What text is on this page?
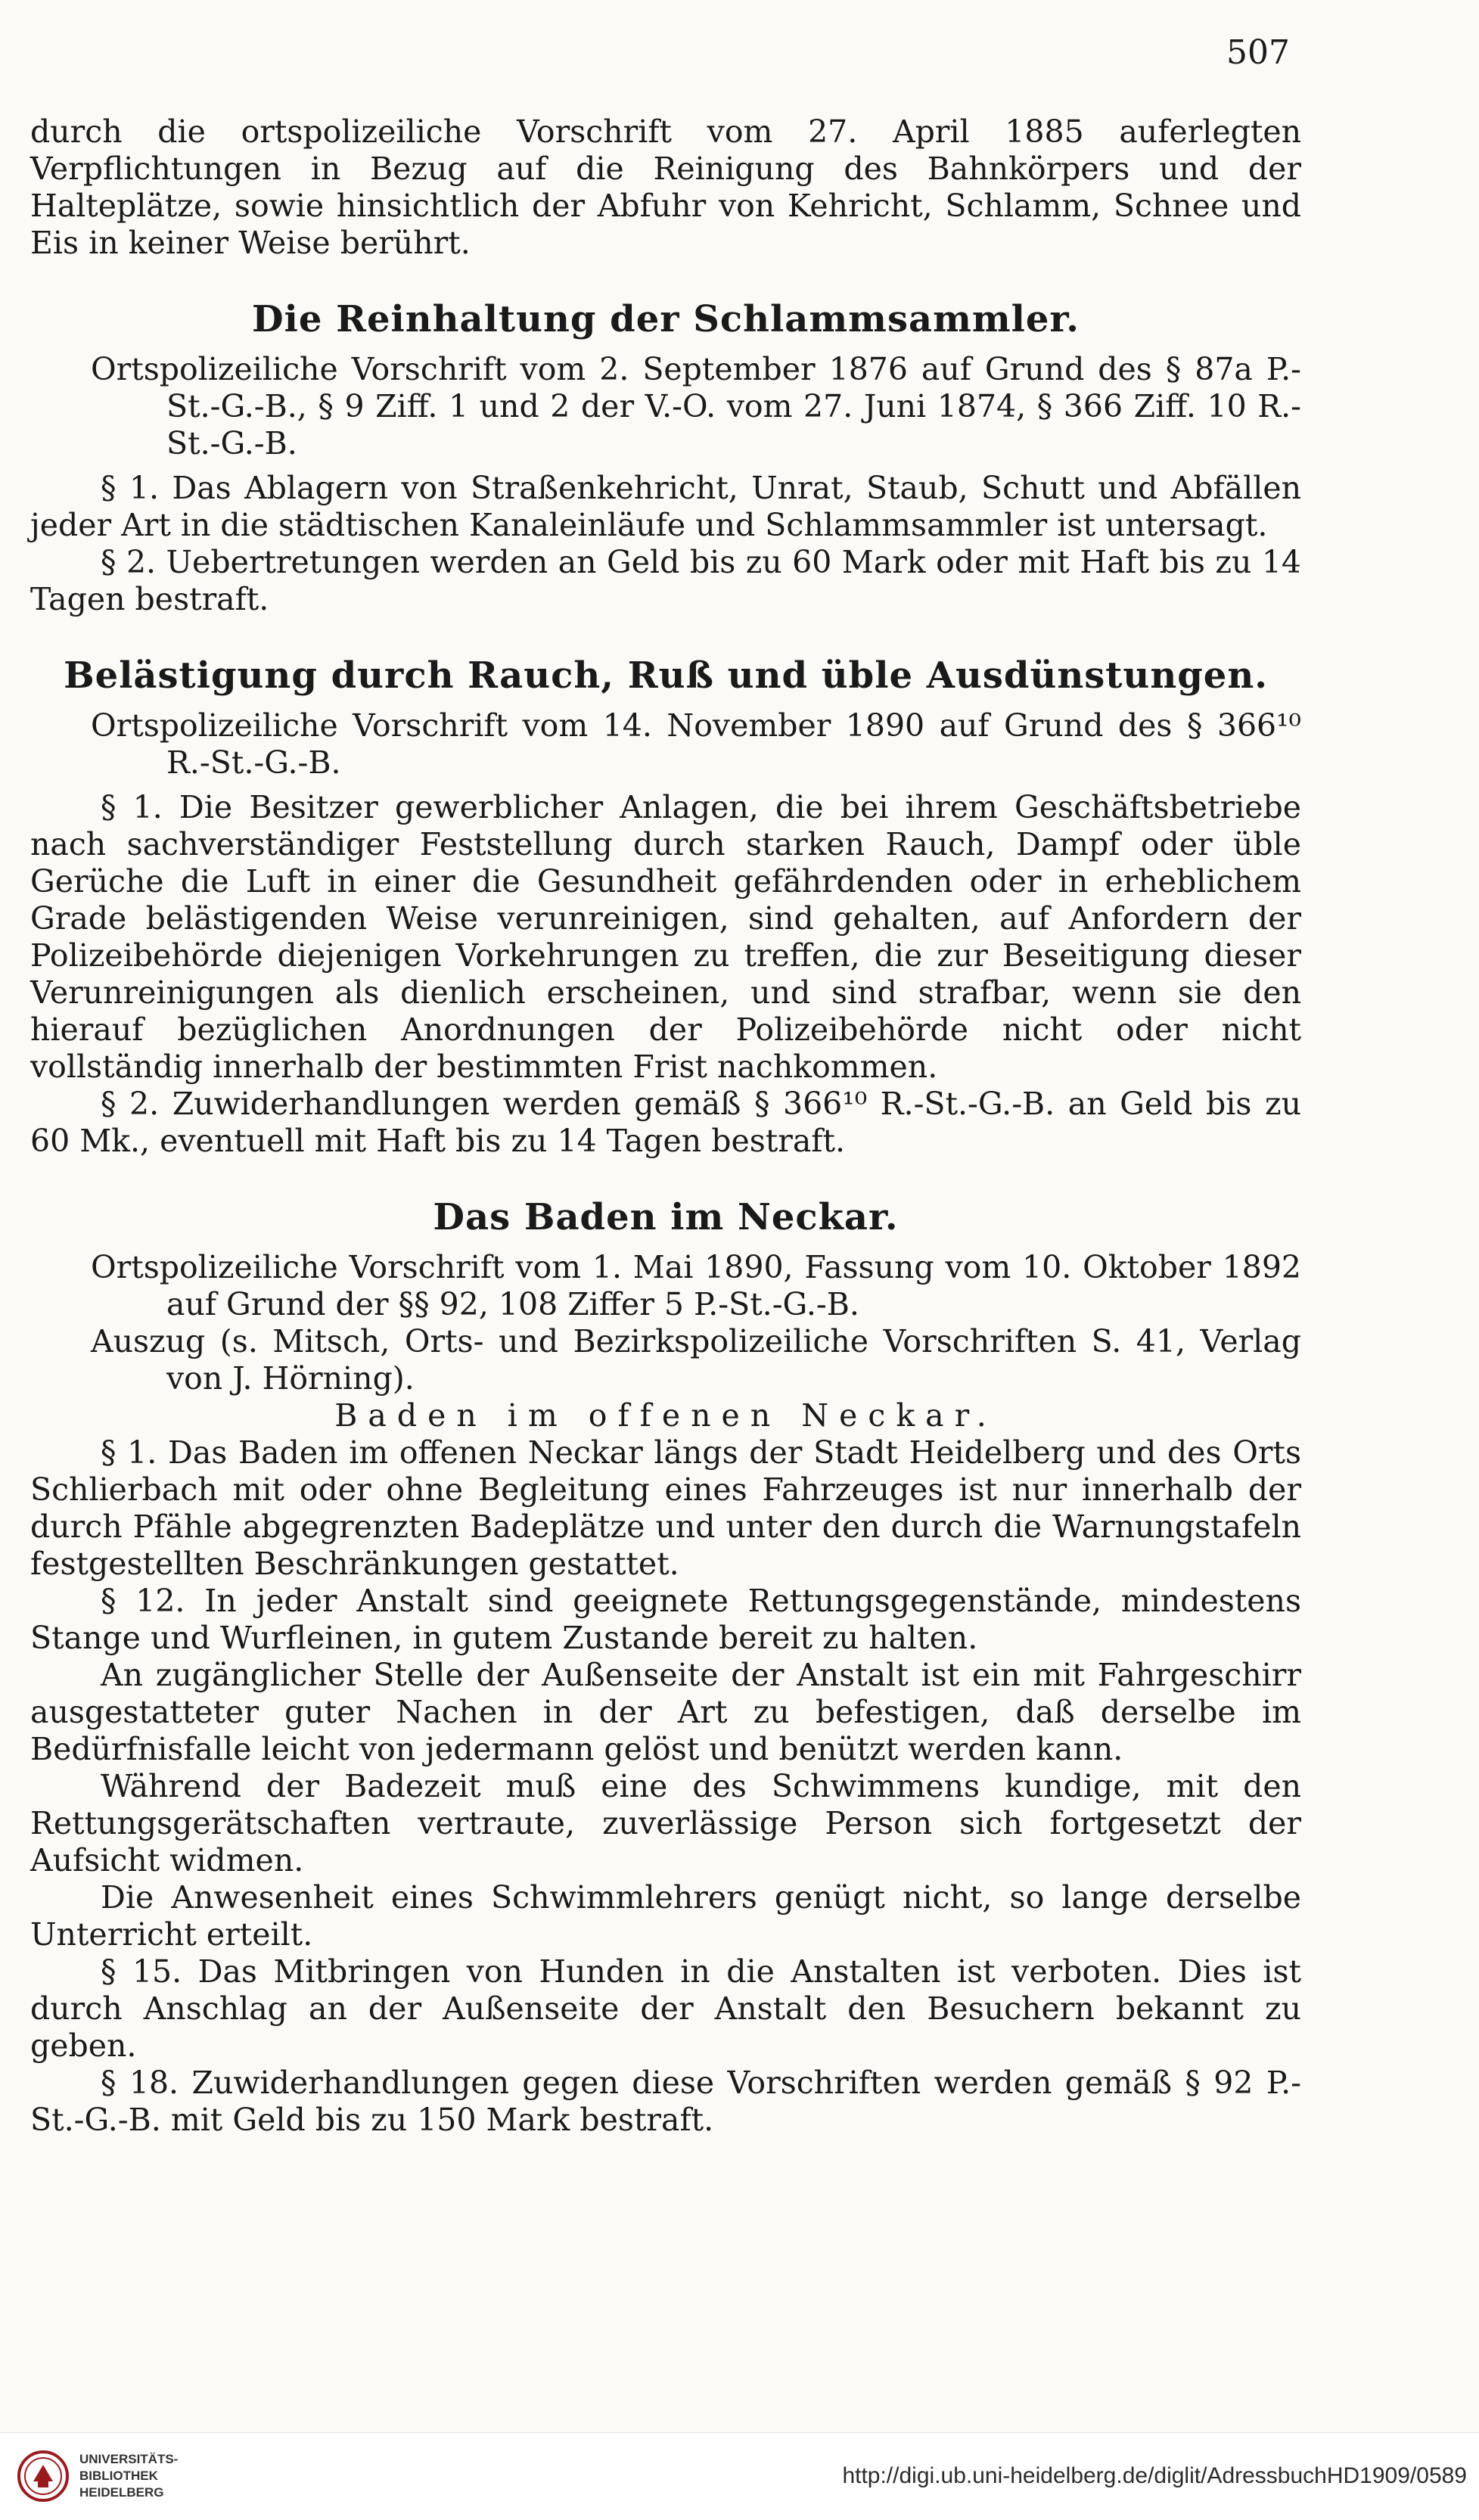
507

durch die ortspolizeiliche Vorschrift vom 27. April 1885 auferlegten Verpflichtungen in Bezug auf die Reinigung des Bahnkörpers und der Halteplätze, sowie hinsichtlich der Abfuhr von Kehricht, Schlamm, Schnee und Eis in keiner Weise berührt.

Die Reinhaltung der Schlammsammler.

Ortspolizeiliche Vorschrift vom 2. September 1876 auf Grund des § 87a P.-St.-G.-B., § 9 Ziff. 1 und 2 der V.-O. vom 27. Juni 1874, § 366 Ziff. 10 R.-St.-G.-B.

§ 1. Das Ablagern von Straßenkehricht, Unrat, Staub, Schutt und Abfällen jeder Art in die städtischen Kanaleinläufe und Schlammsammler ist untersagt.

§ 2. Uebertretungen werden an Geld bis zu 60 Mark oder mit Haft bis zu 14 Tagen bestraft.

Belästigung durch Rauch, Ruß und üble Ausdünstungen.

Ortspolizeiliche Vorschrift vom 14. November 1890 auf Grund des § 366¹⁰ R.-St.-G.-B.

§ 1. Die Besitzer gewerblicher Anlagen, die bei ihrem Geschäftsbetriebe nach sachverständiger Feststellung durch starken Rauch, Dampf oder üble Gerüche die Luft in einer die Gesundheit gefährdenden oder in erheblichem Grade belästigenden Weise verunreinigen, sind gehalten, auf Anfordern der Polizeibehörde diejenigen Vorkehrungen zu treffen, die zur Beseitigung dieser Verunreinigungen als dienlich erscheinen, und sind strafbar, wenn sie den hierauf bezüglichen Anordnungen der Polizeibehörde nicht oder nicht vollständig innerhalb der bestimmten Frist nachkommen.

§ 2. Zuwiderhandlungen werden gemäß § 366¹⁰ R.-St.-G.-B. an Geld bis zu 60 Mk., eventuell mit Haft bis zu 14 Tagen bestraft.

Das Baden im Neckar.

Ortspolizeiliche Vorschrift vom 1. Mai 1890, Fassung vom 10. Oktober 1892 auf Grund der §§ 92, 108 Ziffer 5 P.-St.-G.-B.

Auszug (s. Mitsch, Orts- und Bezirkspolizeiliche Vorschriften S. 41, Verlag von J. Hörning).

Baden im offenen Neckar.

§ 1. Das Baden im offenen Neckar längs der Stadt Heidelberg und des Orts Schlierbach mit oder ohne Begleitung eines Fahrzeuges ist nur innerhalb der durch Pfähle abgegrenzten Badeplätze und unter den durch die Warnungstafeln festgestellten Beschränkungen gestattet.

§ 12. In jeder Anstalt sind geeignete Rettungsgegenstände, mindestens Stange und Wurfleinen, in gutem Zustande bereit zu halten.

An zugänglicher Stelle der Außenseite der Anstalt ist ein mit Fahrgeschirr ausgestatteter guter Nachen in der Art zu befestigen, daß derselbe im Bedürfnisfalle leicht von jedermann gelöst und benützt werden kann.

Während der Badezeit muß eine des Schwimmens kundige, mit den Rettungsgerätschaften vertraute, zuverlässige Person sich fortgesetzt der Aufsicht widmen.

Die Anwesenheit eines Schwimmlehrers genügt nicht, so lange derselbe Unterricht erteilt.

§ 15. Das Mitbringen von Hunden in die Anstalten ist verboten. Dies ist durch Anschlag an der Außenseite der Anstalt den Besuchern bekannt zu geben.

§ 18. Zuwiderhandlungen gegen diese Vorschriften werden gemäß § 92 P.-St.-G.-B. mit Geld bis zu 150 Mark bestraft.

UNIVERSITÄTS-
BIBLIOTHEK
HEIDELBERG
http://digi.ub.uni-heidelberg.de/diglit/AdressbuchHD1909/0589
